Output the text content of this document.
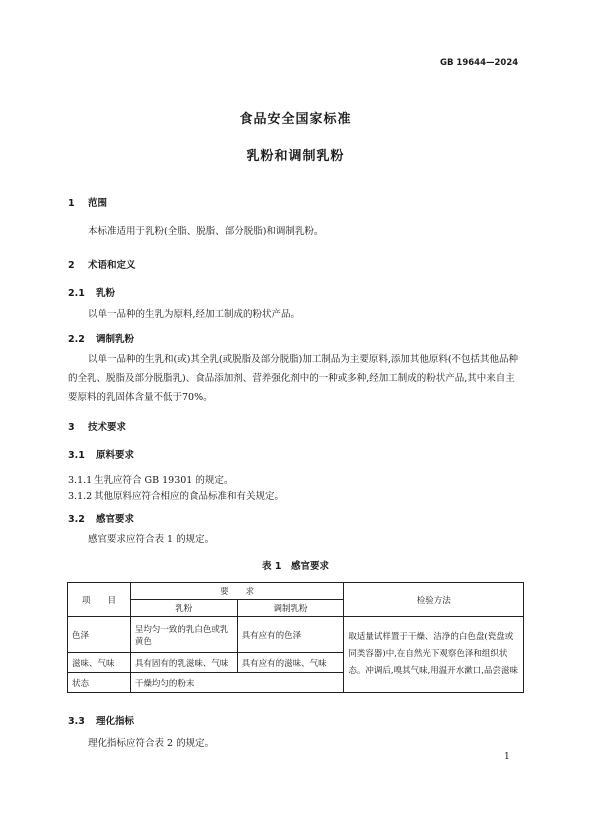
GB 19644—2024
食品安全国家标准
乳粉和调制乳粉
1 范围
本标准适用于乳粉(全脂、脱脂、部分脱脂)和调制乳粉。
2 术语和定义
2.1 乳粉
以单一品种的生乳为原料,经加工制成的粉状产品。
2.2 调制乳粉
以单一品种的生乳和(或)其全乳(或脱脂及部分脱脂)加工制品为主要原料,添加其他原料(不包括其他品种的全乳、脱脂及部分脱脂乳)、食品添加剂、营养强化剂中的一种或多种,经加工制成的粉状产品,其中来自主要原料的乳固体含量不低于70%。
3 技术要求
3.1 原料要求
3.1.1 生乳应符合 GB 19301 的规定。
3.1.2 其他原料应符合相应的食品标准和有关规定。
3.2 感官要求
感官要求应符合表 1 的规定。
表 1　感官要求
项　　目	要　　求		检验方法
	乳粉	调制乳粉	
色泽	呈均匀一致的乳白色或乳黄色	具有应有的色泽	取适量试样置于干燥、洁净的白色盘(瓷盘或同类容器)中,在自然光下观察色泽和组织状态。冲调后,嗅其气味,用温开水漱口,品尝滋味
滋味、气味	具有固有的乳滋味、气味	具有应有的滋味、气味	
状态	干燥均匀的粉末		
3.3 理化指标
理化指标应符合表 2 的规定。
1
